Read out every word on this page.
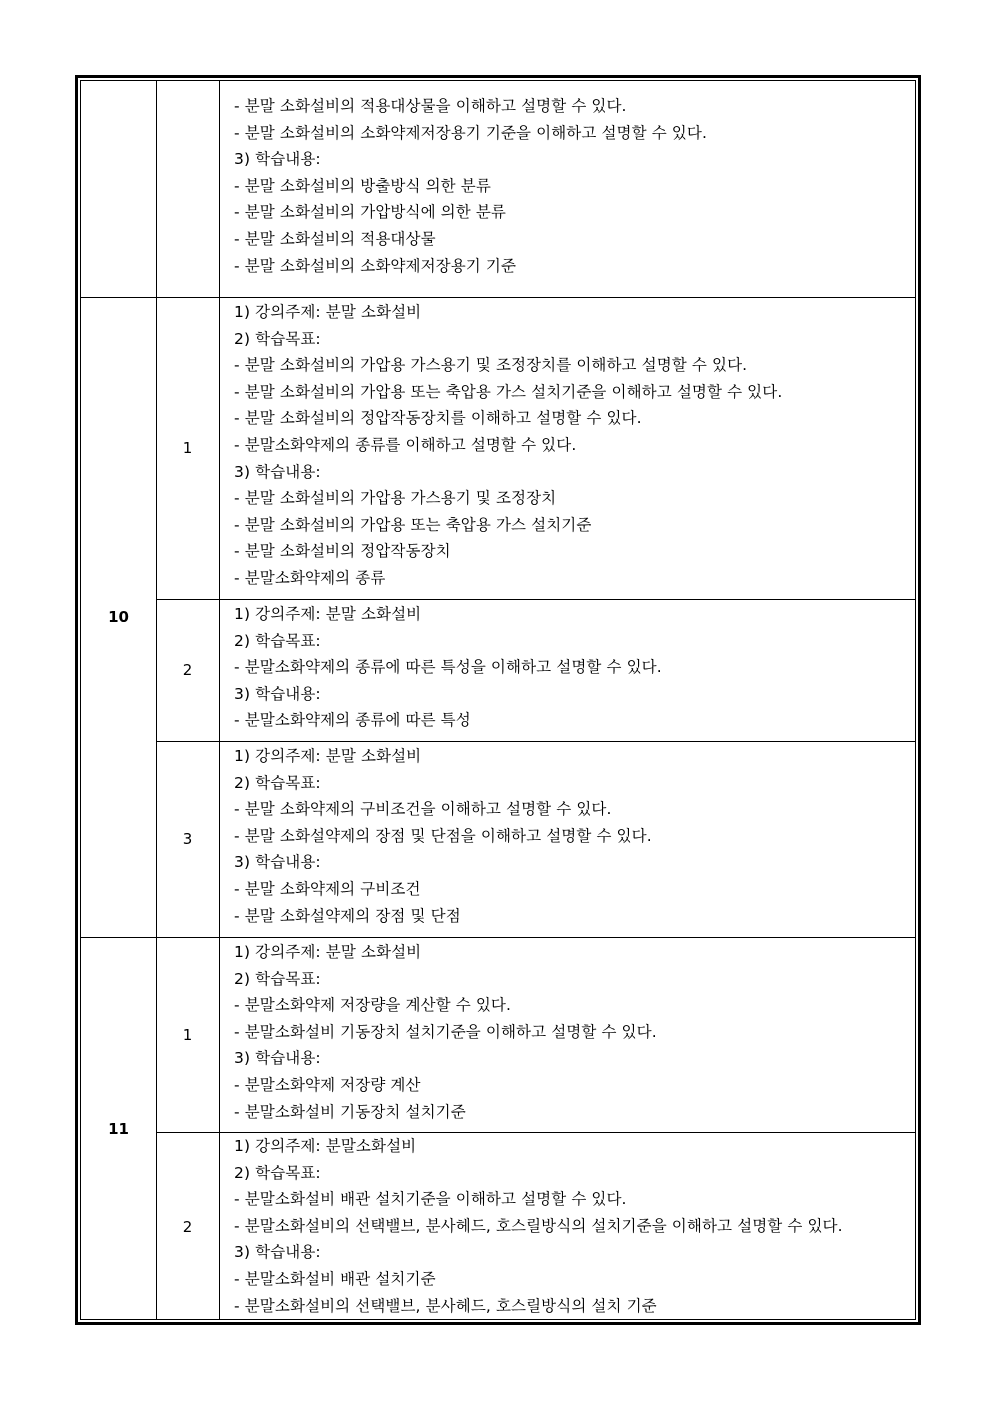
10
11
1
2
3
1
2
- 분말 소화설비의 적용대상물을 이해하고 설명할 수 있다.
- 분말 소화설비의 소화약제저장용기 기준을 이해하고 설명할 수 있다.
3) 학습내용:
- 분말 소화설비의 방출방식 의한 분류
- 분말 소화설비의 가압방식에 의한 분류
- 분말 소화설비의 적용대상물
- 분말 소화설비의 소화약제저장용기 기준
1) 강의주제: 분말 소화설비
2) 학습목표:
- 분말 소화설비의 가압용 가스용기 및 조정장치를 이해하고 설명할 수 있다.
- 분말 소화설비의 가압용 또는 축압용 가스 설치기준을 이해하고 설명할 수 있다.
- 분말 소화설비의 정압작동장치를 이해하고 설명할 수 있다.
- 분말소화약제의 종류를 이해하고 설명할 수 있다.
3) 학습내용:
- 분말 소화설비의 가압용 가스용기 및 조정장치
- 분말 소화설비의 가압용 또는 축압용 가스 설치기준
- 분말 소화설비의 정압작동장치
- 분말소화약제의 종류
1) 강의주제: 분말 소화설비
2) 학습목표:
- 분말소화약제의 종류에 따른 특성을 이해하고 설명할 수 있다.
3) 학습내용:
- 분말소화약제의 종류에 따른 특성
1) 강의주제: 분말 소화설비
2) 학습목표:
- 분말 소화약제의 구비조건을 이해하고 설명할 수 있다.
- 분말 소화설약제의 장점 및 단점을 이해하고 설명할 수 있다.
3) 학습내용:
- 분말 소화약제의 구비조건
- 분말 소화설약제의 장점 및 단점
1) 강의주제: 분말 소화설비
2) 학습목표:
- 분말소화약제 저장량을 계산할 수 있다.
- 분말소화설비 기동장치 설치기준을 이해하고 설명할 수 있다.
3) 학습내용:
- 분말소화약제 저장량 계산
- 분말소화설비 기동장치 설치기준
1) 강의주제: 분말소화설비
2) 학습목표:
- 분말소화설비 배관 설치기준을 이해하고 설명할 수 있다.
- 분말소화설비의 선택밸브, 분사헤드, 호스릴방식의 설치기준을 이해하고 설명할 수 있다.
3) 학습내용:
- 분말소화설비 배관 설치기준
- 분말소화설비의 선택밸브, 분사헤드, 호스릴방식의 설치 기준
